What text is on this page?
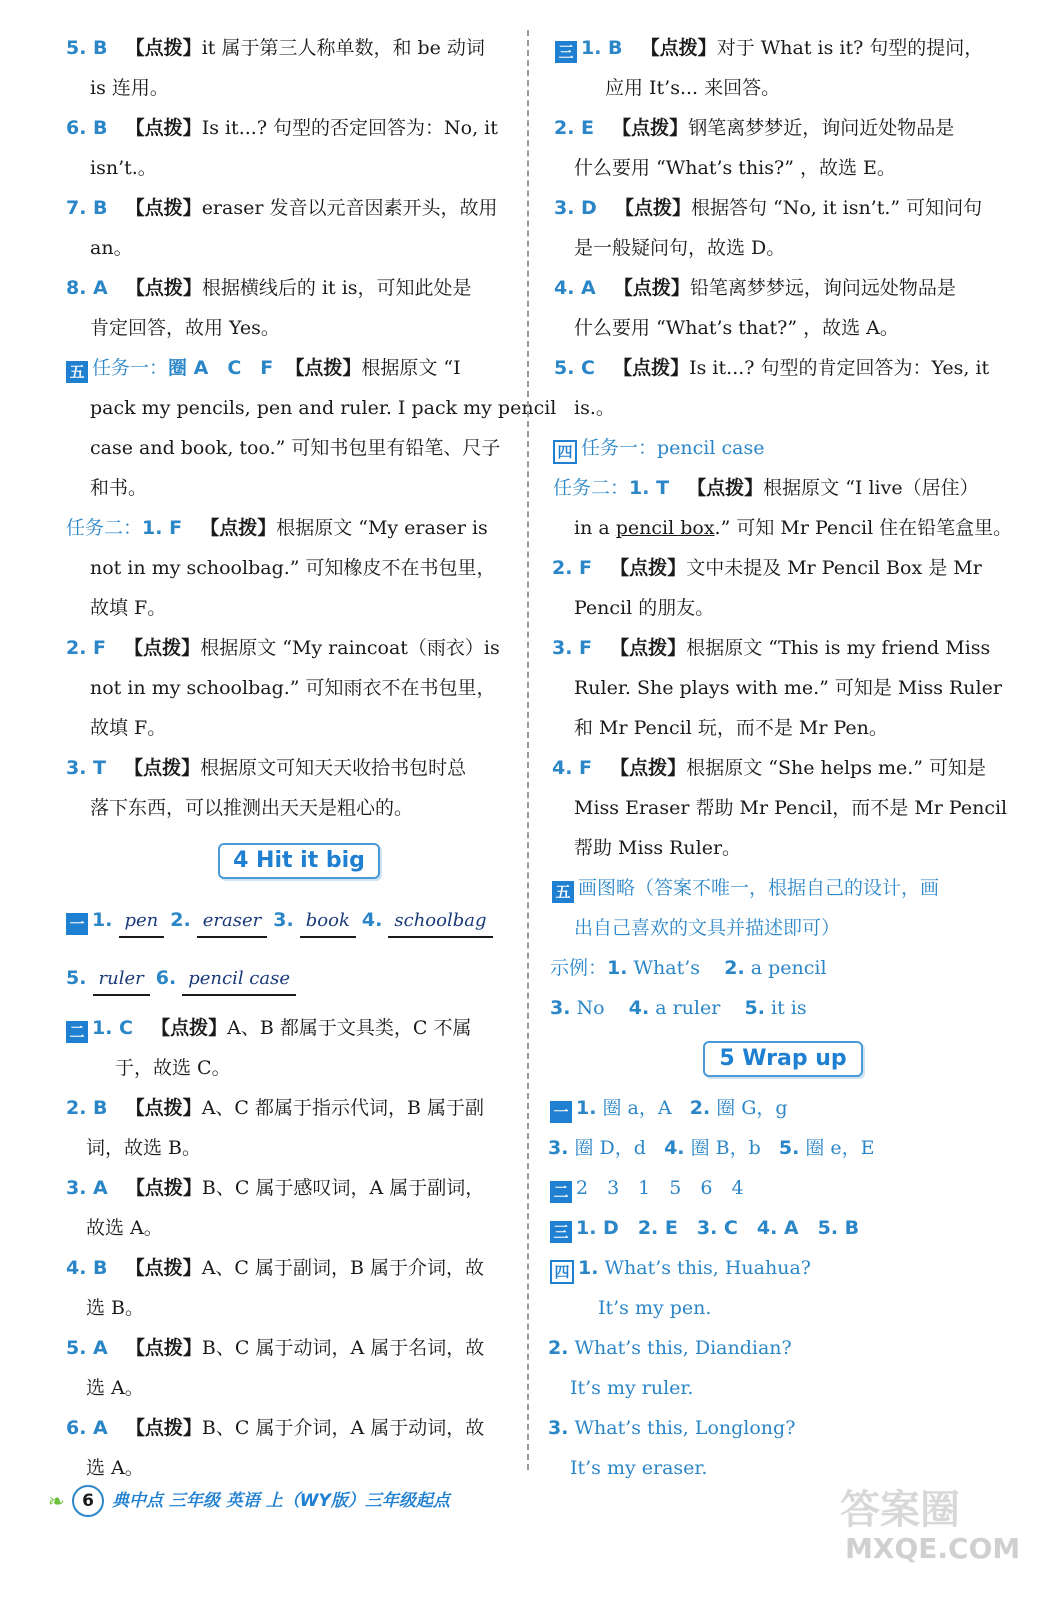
5. B 【点拨】it 属于第三人称单数，和 be 动词
is 连用。
6. B 【点拨】Is it...? 句型的否定回答为：No, it
isn’t.。
7. B 【点拨】eraser 发音以元音因素开头，故用
an。
8. A 【点拨】根据横线后的 it is，可知此处是
肯定回答，故用 Yes。
五 任务一：圈 A　C　F 【点拨】根据原文 “I
pack my pencils, pen and ruler. I pack my pencil
case and book, too.” 可知书包里有铅笔、尺子
和书。
任务二：1. F 【点拨】根据原文 “My eraser is
not in my schoolbag.” 可知橡皮不在书包里，
故填 F。
2. F 【点拨】根据原文 “My raincoat（雨衣）is
not in my schoolbag.” 可知雨衣不在书包里，
故填 F。
3. T 【点拨】根据原文可知天天收拾书包时总
落下东西，可以推测出天天是粗心的。
4 Hit it big
一 1. pen 2. eraser 3. book 4. schoolbag
5. ruler 6. pencil case
二 1. C 【点拨】A、B 都属于文具类，C 不属
于，故选 C。
2. B 【点拨】A、C 都属于指示代词，B 属于副
词，故选 B。
3. A 【点拨】B、C 属于感叹词，A 属于副词，
故选 A。
4. B 【点拨】A、C 属于副词，B 属于介词，故
选 B。
5. A 【点拨】B、C 属于动词，A 属于名词，故
选 A。
6. A 【点拨】B、C 属于介词，A 属于动词，故
选 A。
三 1. B 【点拨】对于 What is it? 句型的提问，
应用 It’s... 来回答。
2. E 【点拨】钢笔离梦梦近，询问近处物品是
什么要用 “What’s this?” ，故选 E。
3. D 【点拨】根据答句 “No, it isn’t.” 可知问句
是一般疑问句，故选 D。
4. A 【点拨】铅笔离梦梦远，询问远处物品是
什么要用 “What’s that?” ，故选 A。
5. C 【点拨】Is it...? 句型的肯定回答为：Yes, it
is.。
四 任务一：pencil case
任务二：1. T 【点拨】根据原文 “I live（居住）
in a pencil box.” 可知 Mr Pencil 住在铅笔盒里。
2. F 【点拨】文中未提及 Mr Pencil Box 是 Mr
Pencil 的朋友。
3. F 【点拨】根据原文 “This is my friend Miss
Ruler. She plays with me.” 可知是 Miss Ruler
和 Mr Pencil 玩，而不是 Mr Pen。
4. F 【点拨】根据原文 “She helps me.” 可知是
Miss Eraser 帮助 Mr Pencil，而不是 Mr Pencil
帮助 Miss Ruler。
五 画图略（答案不唯一，根据自己的设计，画
出自己喜欢的文具并描述即可）
示例：1. What’s 2. a pencil
3. No 4. a ruler 5. it is
5 Wrap up
一 1. 圈 a，A 2. 圈 G，g
3. 圈 D，d 4. 圈 B，b 5. 圈 e，E
二 2　3　1　5　6　4
三 1. D　2. E　3. C　4. A　5. B
四 1. What’s this, Huahua?
It’s my pen.
2. What’s this, Diandian?
It’s my ruler.
3. What’s this, Longlong?
It’s my eraser.
❧	6	典中点 三年级 英语 上（WY版）三年级起点	答案圈
MXQE.COM
